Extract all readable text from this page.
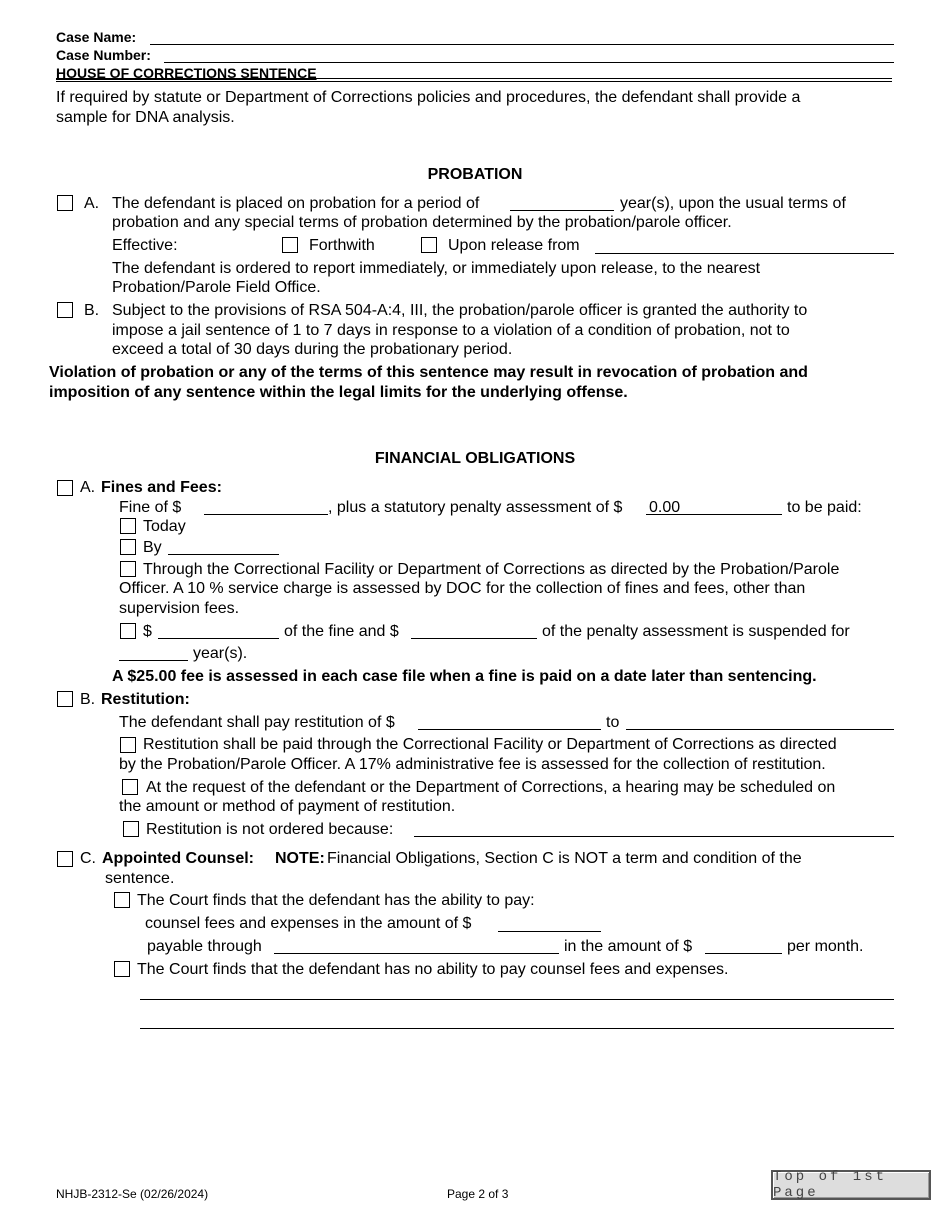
Case Name:
Case Number:
HOUSE OF CORRECTIONS SENTENCE
If required by statute or Department of Corrections policies and procedures, the defendant shall provide a
sample for DNA analysis.
PROBATION
A. The defendant is placed on probation for a period of	year(s), upon the usual terms of
probation and any special terms of probation determined by the probation/parole officer.
Effective:	Forthwith	Upon release from
The defendant is ordered to report immediately, or immediately upon release, to the nearest
Probation/Parole Field Office.
B. Subject to the provisions of RSA 504-A:4, III, the probation/parole officer is granted the authority to
impose a jail sentence of 1 to 7 days in response to a violation of a condition of probation, not to
exceed a total of 30 days during the probationary period.
Violation of probation or any of the terms of this sentence may result in revocation of probation and
imposition of any sentence within the legal limits for the underlying offense.
FINANCIAL OBLIGATIONS
A. Fines and Fees:
Fine of $	, plus a statutory penalty assessment of $ 0.00	to be paid:
Today
By
Through the Correctional Facility or Department of Corrections as directed by the Probation/Parole
Officer. A 10 % service charge is assessed by DOC for the collection of fines and fees, other than
supervision fees.
$	of the fine and $	of the penalty assessment is suspended for
year(s).
A $25.00 fee is assessed in each case file when a fine is paid on a date later than sentencing.
B. Restitution:
The defendant shall pay restitution of $	to
Restitution shall be paid through the Correctional Facility or Department of Corrections as directed
by the Probation/Parole Officer. A 17% administrative fee is assessed for the collection of restitution.
At the request of the defendant or the Department of Corrections, a hearing may be scheduled on
the amount or method of payment of restitution.
Restitution is not ordered because:
C. Appointed Counsel: NOTE: Financial Obligations, Section C is NOT a term and condition of the
sentence.
The Court finds that the defendant has the ability to pay:
counsel fees and expenses in the amount of $
payable through	in the amount of $	per month.
The Court finds that the defendant has no ability to pay counsel fees and expenses.
NHJB-2312-Se (02/26/2024)	Page 2 of 3
Top of 1st Page
